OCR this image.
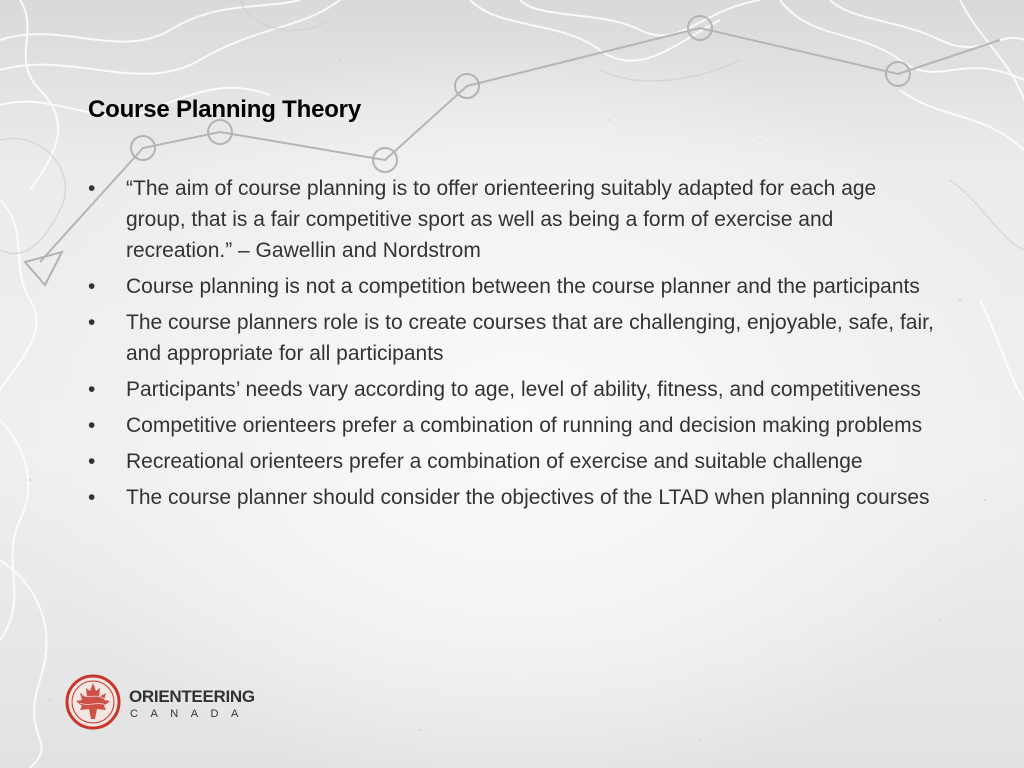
Course Planning Theory
• “The aim of course planning is to offer orienteering suitably adapted for each age group, that is a fair competitive sport as well as being a form of exercise and recreation.” – Gawellin and Nordstrom
• Course planning is not a competition between the course planner and the participants
• The course planners role is to create courses that are challenging, enjoyable, safe, fair, and appropriate for all participants
• Participants’ needs vary according to age, level of ability, fitness, and competitiveness
• Competitive orienteers prefer a combination of running and decision making problems
• Recreational orienteers prefer a combination of exercise and suitable challenge
• The course planner should consider the objectives of the LTAD when planning courses
ORIENTEERING
CANADA
